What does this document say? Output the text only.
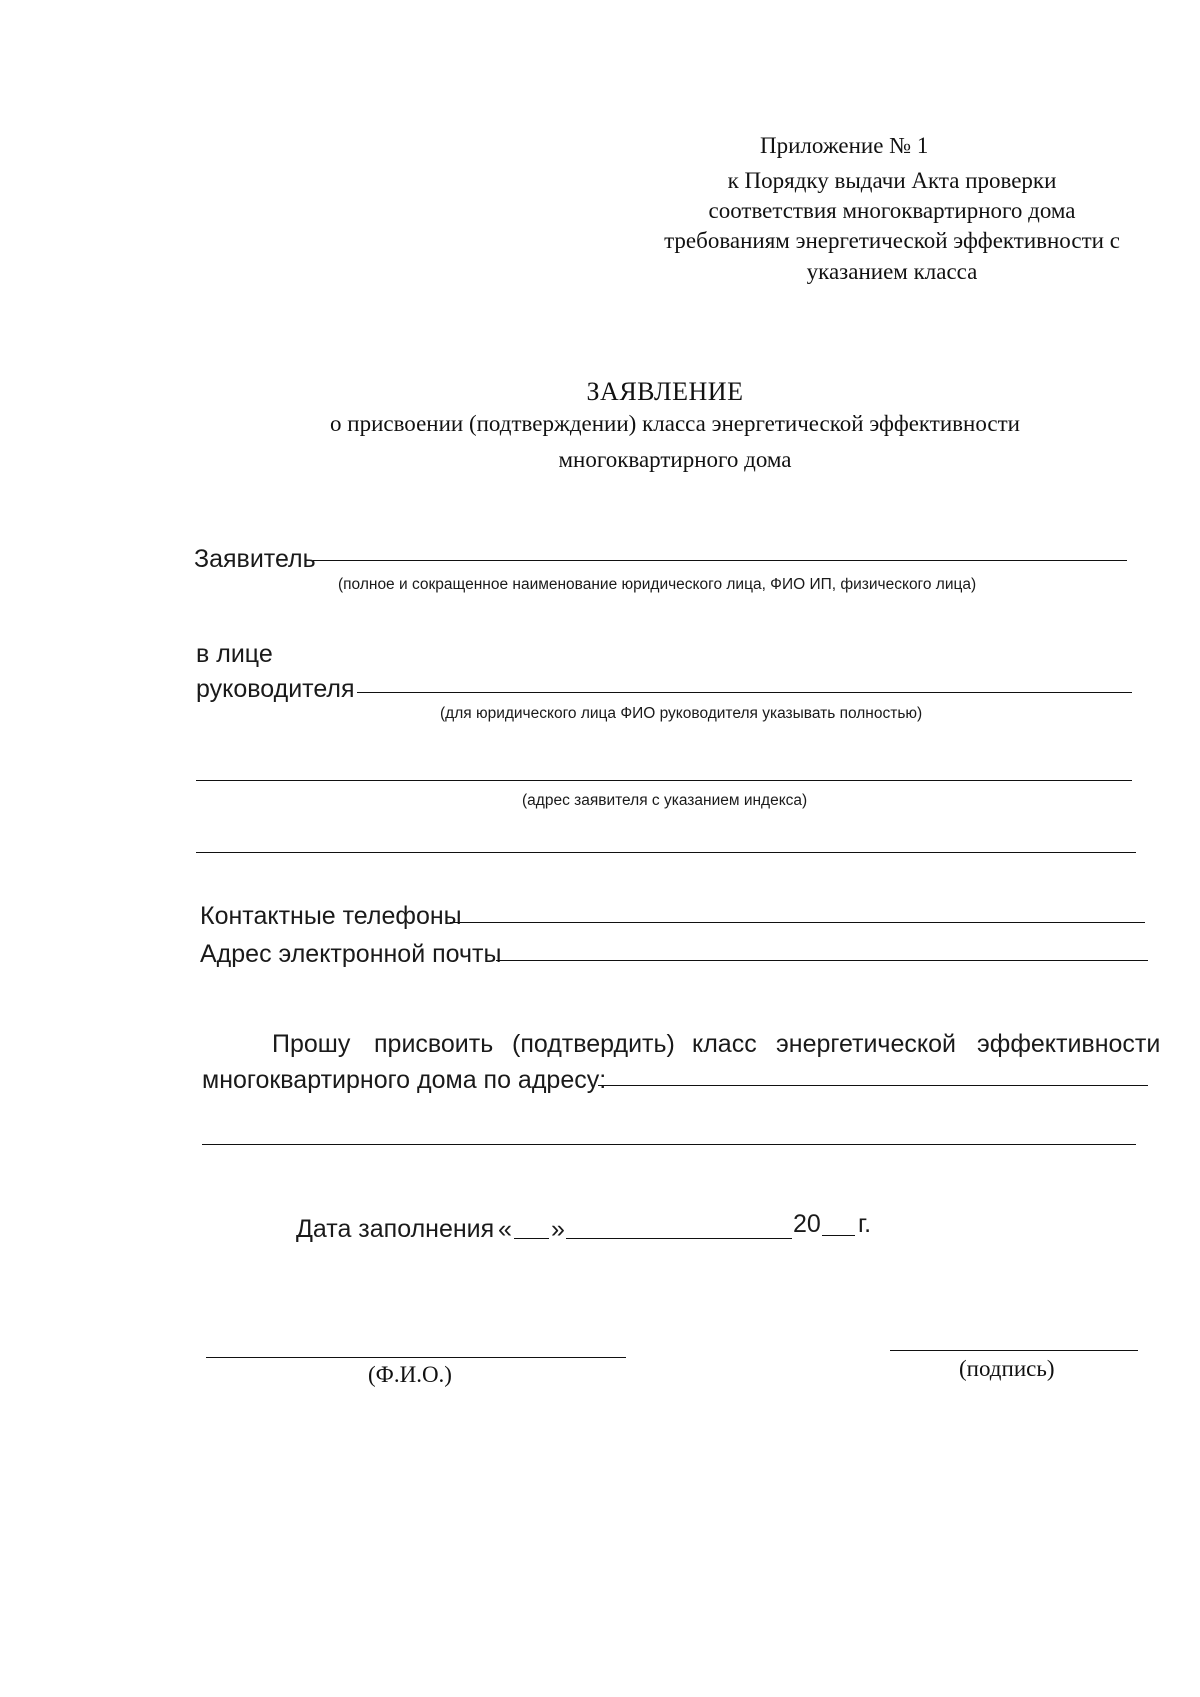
Приложение № 1
к Порядку выдачи Акта проверки
соответствия многоквартирного дома
требованиям энергетической эффективности с
указанием класса
ЗАЯВЛЕНИЕ
о присвоении (подтверждении) класса энергетической эффективности
многоквартирного дома
Заявитель
(полное и сокращенное наименование юридического лица, ФИО ИП, физического лица)
в лице
руководителя
(для юридического лица ФИО руководителя указывать полностью)
(адрес заявителя с указанием индекса)
Контактные телефоны
Адрес электронной почты
Прошу присвоить (подтвердить) класс энергетической эффективности
многоквартирного дома по адресу:
Дата заполнения « »	20 г.
(Ф.И.О.)	(подпись)
